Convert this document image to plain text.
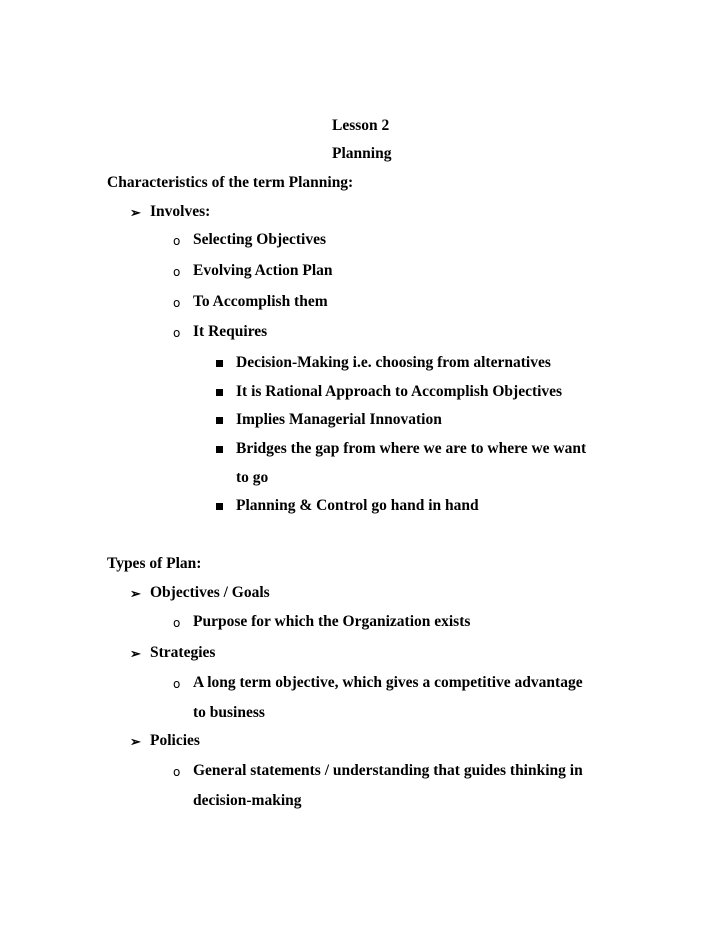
Lesson 2
Planning
Characteristics of the term Planning:
➢ Involves:
o Selecting Objectives
o Evolving Action Plan
o To Accomplish them
o It Requires
Decision-Making i.e. choosing from alternatives
It is Rational Approach to Accomplish Objectives
Implies Managerial Innovation
Bridges the gap from where we are to where we want
to go
Planning & Control go hand in hand
Types of Plan:
➢ Objectives / Goals
o Purpose for which the Organization exists
➢ Strategies
o A long term objective, which gives a competitive advantage
to business
➢ Policies
o General statements / understanding that guides thinking in
decision-making
